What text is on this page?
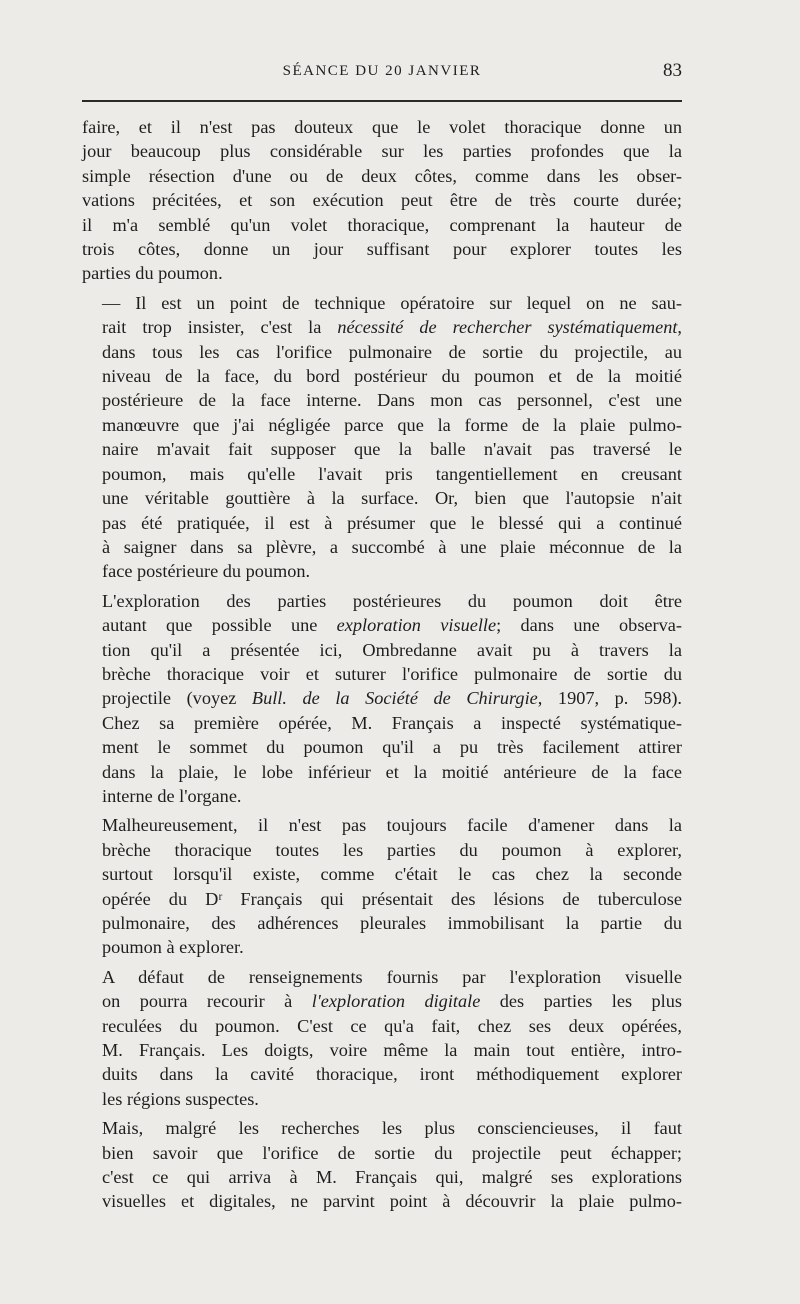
SÉANCE DU 20 JANVIER	83
faire, et il n'est pas douteux que le volet thoracique donne un
jour beaucoup plus considérable sur les parties profondes que la
simple résection d'une ou de deux côtes, comme dans les obser-
vations précitées, et son exécution peut être de très courte durée;
il m'a semblé qu'un volet thoracique, comprenant la hauteur de
trois côtes, donne un jour suffisant pour explorer toutes les
parties du poumon.
— Il est un point de technique opératoire sur lequel on ne sau-
rait trop insister, c'est la nécessité de rechercher systématiquement,
dans tous les cas l'orifice pulmonaire de sortie du projectile, au
niveau de la face, du bord postérieur du poumon et de la moitié
postérieure de la face interne. Dans mon cas personnel, c'est une
manœuvre que j'ai négligée parce que la forme de la plaie pulmo-
naire m'avait fait supposer que la balle n'avait pas traversé le
poumon, mais qu'elle l'avait pris tangentiellement en creusant
une véritable gouttière à la surface. Or, bien que l'autopsie n'ait
pas été pratiquée, il est à présumer que le blessé qui a continué
à saigner dans sa plèvre, a succombé à une plaie méconnue de la
face postérieure du poumon.
L'exploration des parties postérieures du poumon doit être
autant que possible une exploration visuelle; dans une observa-
tion qu'il a présentée ici, Ombredanne avait pu à travers la
brèche thoracique voir et suturer l'orifice pulmonaire de sortie du
projectile (voyez Bull. de la Société de Chirurgie, 1907, p. 598).
Chez sa première opérée, M. Français a inspecté systématique-
ment le sommet du poumon qu'il a pu très facilement attirer
dans la plaie, le lobe inférieur et la moitié antérieure de la face
interne de l'organe.
Malheureusement, il n'est pas toujours facile d'amener dans la
brèche thoracique toutes les parties du poumon à explorer,
surtout lorsqu'il existe, comme c'était le cas chez la seconde
opérée du Dʳ Français qui présentait des lésions de tuberculose
pulmonaire, des adhérences pleurales immobilisant la partie du
poumon à explorer.
A défaut de renseignements fournis par l'exploration visuelle
on pourra recourir à l'exploration digitale des parties les plus
reculées du poumon. C'est ce qu'a fait, chez ses deux opérées,
M. Français. Les doigts, voire même la main tout entière, intro-
duits dans la cavité thoracique, iront méthodiquement explorer
les régions suspectes.
Mais, malgré les recherches les plus consciencieuses, il faut
bien savoir que l'orifice de sortie du projectile peut échapper;
c'est ce qui arriva à M. Français qui, malgré ses explorations
visuelles et digitales, ne parvint point à découvrir la plaie pulmo-
